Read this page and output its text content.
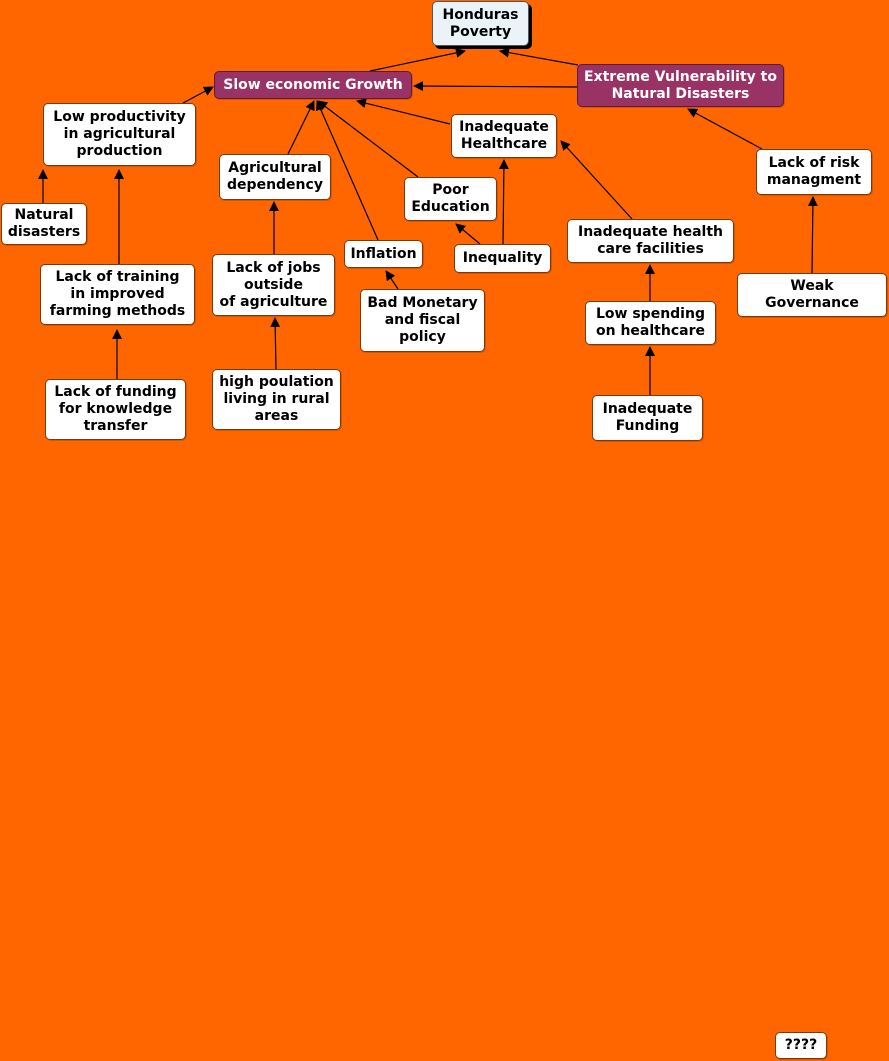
Honduras
Poverty
Slow economic Growth	Extreme Vulnerability to
Natural Disasters
Low productivity
in agricultural
production
Natural
disasters
Lack of training
in improved
farming methods
Lack of funding
for knowledge
transfer
Agricultural
dependency
Lack of jobs
outside
of agriculture
high poulation
living in rural
areas
Inflation
Bad Monetary
and fiscal
policy
Poor
Education
Inequality
Inadequate
Healthcare
Inadequate health
care facilities
Low spending
on healthcare
Inadequate
Funding
Lack of risk
managment
Weak
Governance
????
